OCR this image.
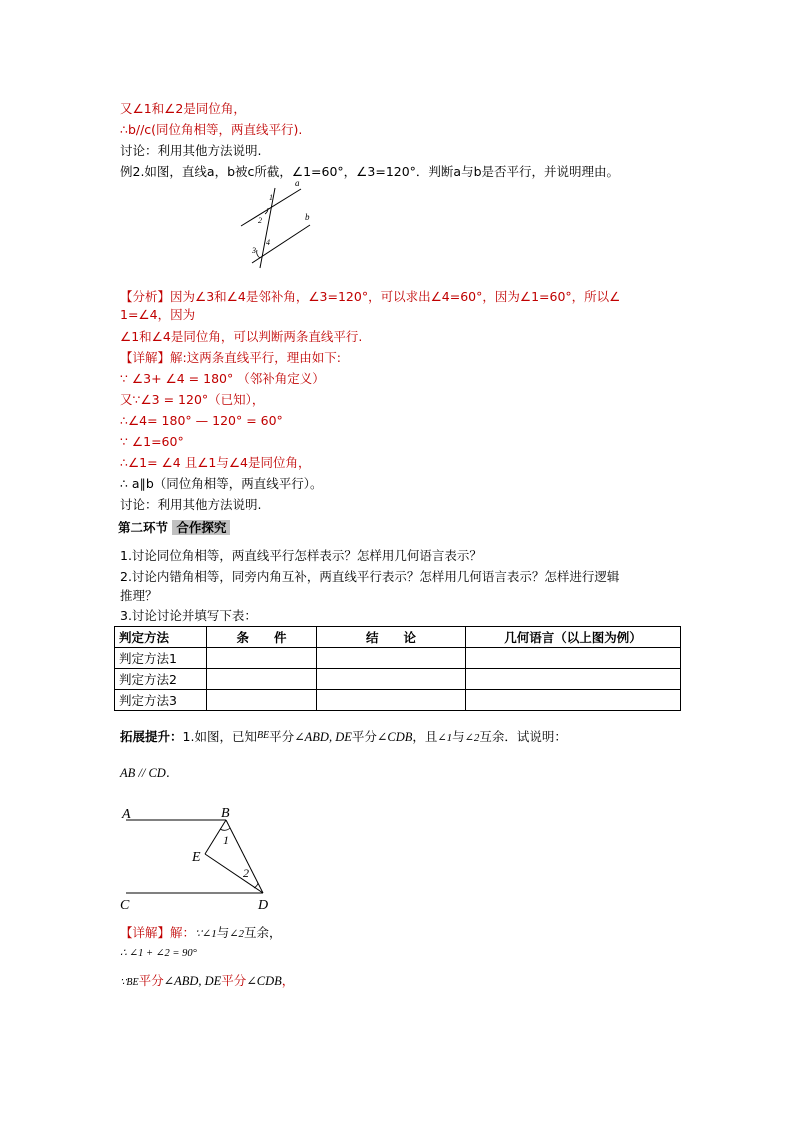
又∠1和∠2是同位角，
∴b//c(同位角相等，两直线平行).
讨论：利用其他方法说明.
例2.如图，直线a，b被c所截，∠1=60°，∠3=120°．判断a与b是否平行，并说明理由。
a
b
1
2
3
4
【分析】因为∠3和∠4是邻补角，∠3=120°，可以求出∠4=60°，因为∠1=60°，所以∠
1=∠4，因为
∠1和∠4是同位角，可以判断两条直线平行.
【详解】解:这两条直线平行，理由如下:
∵ ∠3+ ∠4 = 180° （邻补角定义）
又∵∠3 = 120°（已知），
∴∠4= 180° — 120° = 60°
∵ ∠1=60°
∴∠1= ∠4 且∠1与∠4是同位角，
∴ a∥b（同位角相等，两直线平行）。
讨论：利用其他方法说明.
第二环节 合作探究
1.讨论同位角相等，两直线平行怎样表示？怎样用几何语言表示？
2.讨论内错角相等，同旁内角互补，两直线平行表示？怎样用几何语言表示？怎样进行逻辑
推理？
3.讨论讨论并填写下表：
判定方法	条　　件	结　　论	几何语言（以上图为例）
判定方法1			
判定方法2			
判定方法3			
拓展提升：1.如图，已知$^{BE}$平分∠ABD, DE平分∠CDB，且∠1与∠2互余．试说明：
AB // CD.
A	B
C	D
E
1
2
【详解】解：∵∠1与∠2互余，
∴ ∠1 + ∠2 = 90°
∵BE平分∠ABD, DE平分∠CDB，
